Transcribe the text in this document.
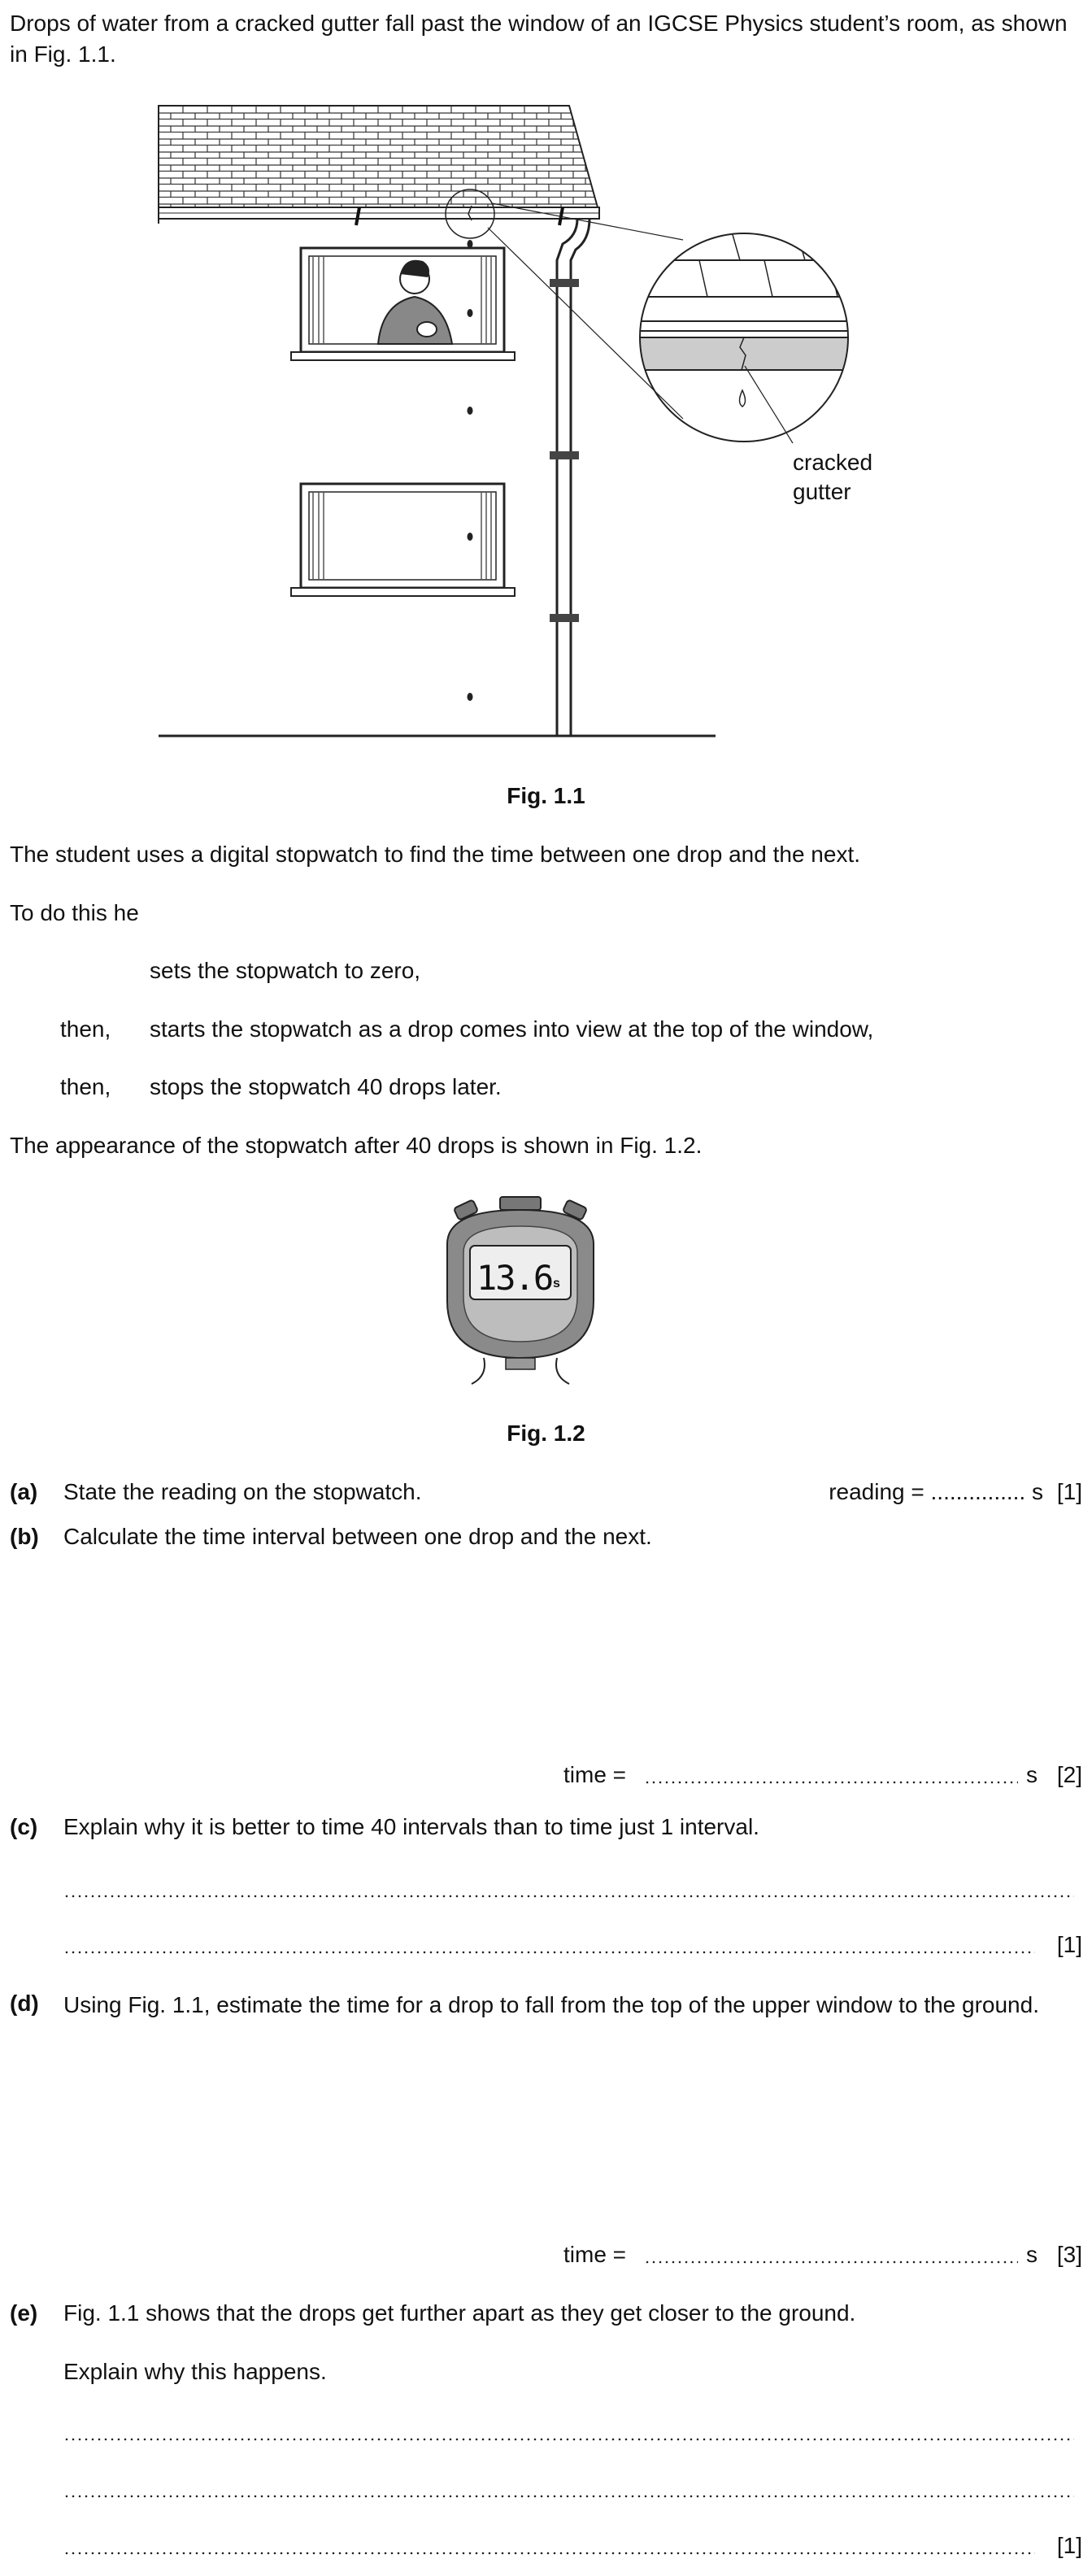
Drops of water from a cracked gutter fall past the window of an IGCSE Physics student’s room, as shown in Fig. 1.1.
cracked
gutter
Fig. 1.1
The student uses a digital stopwatch to find the time between one drop and the next.
To do this he
sets the stopwatch to zero,
then, starts the stopwatch as a drop comes into view at the top of the window,
then, stops the stopwatch 40 drops later.
The appearance of the stopwatch after 40 drops is shown in Fig. 1.2.
13.6 s
Fig. 1.2
(a) State the reading on the stopwatch.	reading = ............... s [1]
(b) Calculate the time interval between one drop and the next.
time =	s [2]
(c) Explain why it is better to time 40 intervals than to time just 1 interval.
[1]
(d) Using Fig. 1.1, estimate the time for a drop to fall from the top of the upper window to the ground.
time =	s [3]
(e) Fig. 1.1 shows that the drops get further apart as they get closer to the ground.
Explain why this happens.
[1]
